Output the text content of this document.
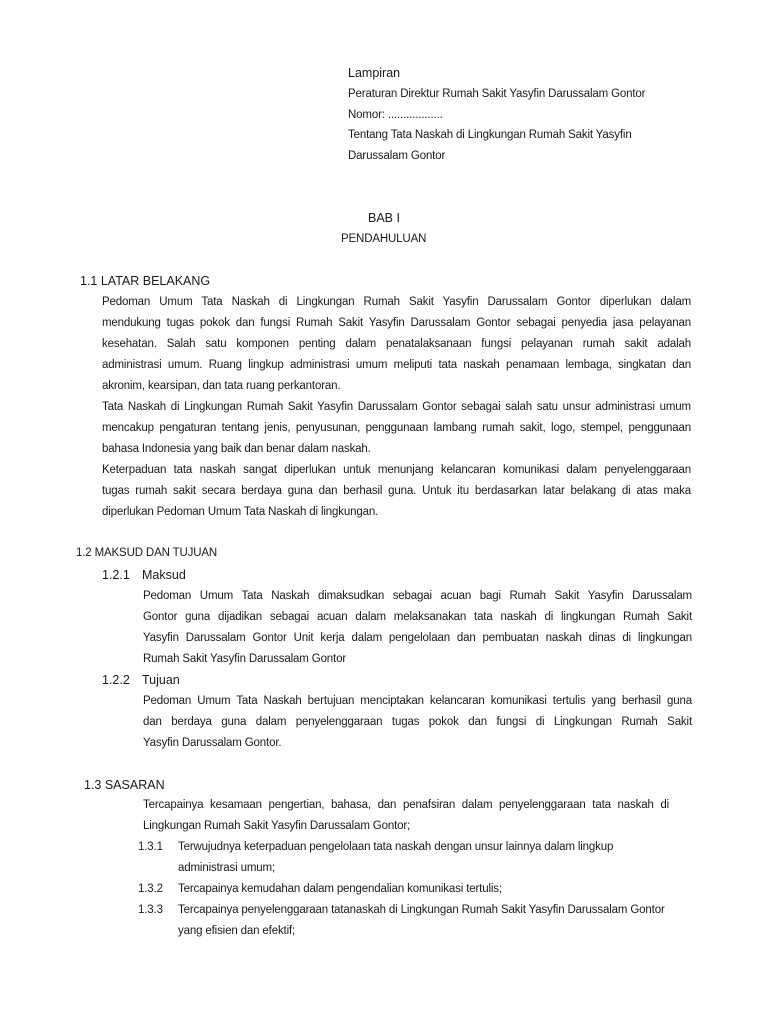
Lampiran
Peraturan Direktur Rumah Sakit Yasyfin Darussalam Gontor
Nomor: ..................
Tentang Tata Naskah di Lingkungan Rumah Sakit Yasyfin
Darussalam Gontor
BAB I
PENDAHULUAN
1.1 LATAR BELAKANG
Pedoman Umum Tata Naskah di Lingkungan Rumah Sakit Yasyfin Darussalam Gontor diperlukan dalam
mendukung tugas pokok dan fungsi Rumah Sakit Yasyfin Darussalam Gontor sebagai penyedia jasa pelayanan
kesehatan. Salah satu komponen penting dalam penatalaksanaan fungsi pelayanan rumah sakit adalah
administrasi umum. Ruang lingkup administrasi umum meliputi tata naskah penamaan lembaga, singkatan dan
akronim, kearsipan, dan tata ruang perkantoran.
Tata Naskah di Lingkungan Rumah Sakit Yasyfin Darussalam Gontor sebagai salah satu unsur administrasi umum
mencakup pengaturan tentang jenis, penyusunan, penggunaan lambang rumah sakit, logo, stempel, penggunaan
bahasa Indonesia yang baik dan benar dalam naskah.
Keterpaduan tata naskah sangat diperlukan untuk menunjang kelancaran komunikasi dalam penyelenggaraan
tugas rumah sakit secara berdaya guna dan berhasil guna. Untuk itu berdasarkan latar belakang di atas maka
diperlukan Pedoman Umum Tata Naskah di lingkungan.
1.2 MAKSUD DAN TUJUAN
1.2.1 Maksud
Pedoman Umum Tata Naskah dimaksudkan sebagai acuan bagi Rumah Sakit Yasyfin Darussalam
Gontor guna dijadikan sebagai acuan dalam melaksanakan tata naskah di lingkungan Rumah Sakit
Yasyfin Darussalam Gontor Unit kerja dalam pengelolaan dan pembuatan naskah dinas di lingkungan
Rumah Sakit Yasyfin Darussalam Gontor
1.2.2 Tujuan
Pedoman Umum Tata Naskah bertujuan menciptakan kelancaran komunikasi tertulis yang berhasil guna
dan berdaya guna dalam penyelenggaraan tugas pokok dan fungsi di Lingkungan Rumah Sakit
Yasyfin Darussalam Gontor.
1.3 SASARAN
Tercapainya kesamaan pengertian, bahasa, dan penafsiran dalam penyelenggaraan tata naskah di
Lingkungan Rumah Sakit Yasyfin Darussalam Gontor;
1.3.1 Terwujudnya keterpaduan pengelolaan tata naskah dengan unsur lainnya dalam lingkup
administrasi umum;
1.3.2 Tercapainya kemudahan dalam pengendalian komunikasi tertulis;
1.3.3 Tercapainya penyelenggaraan tatanaskah di Lingkungan Rumah Sakit Yasyfin Darussalam Gontor
yang efisien dan efektif;
